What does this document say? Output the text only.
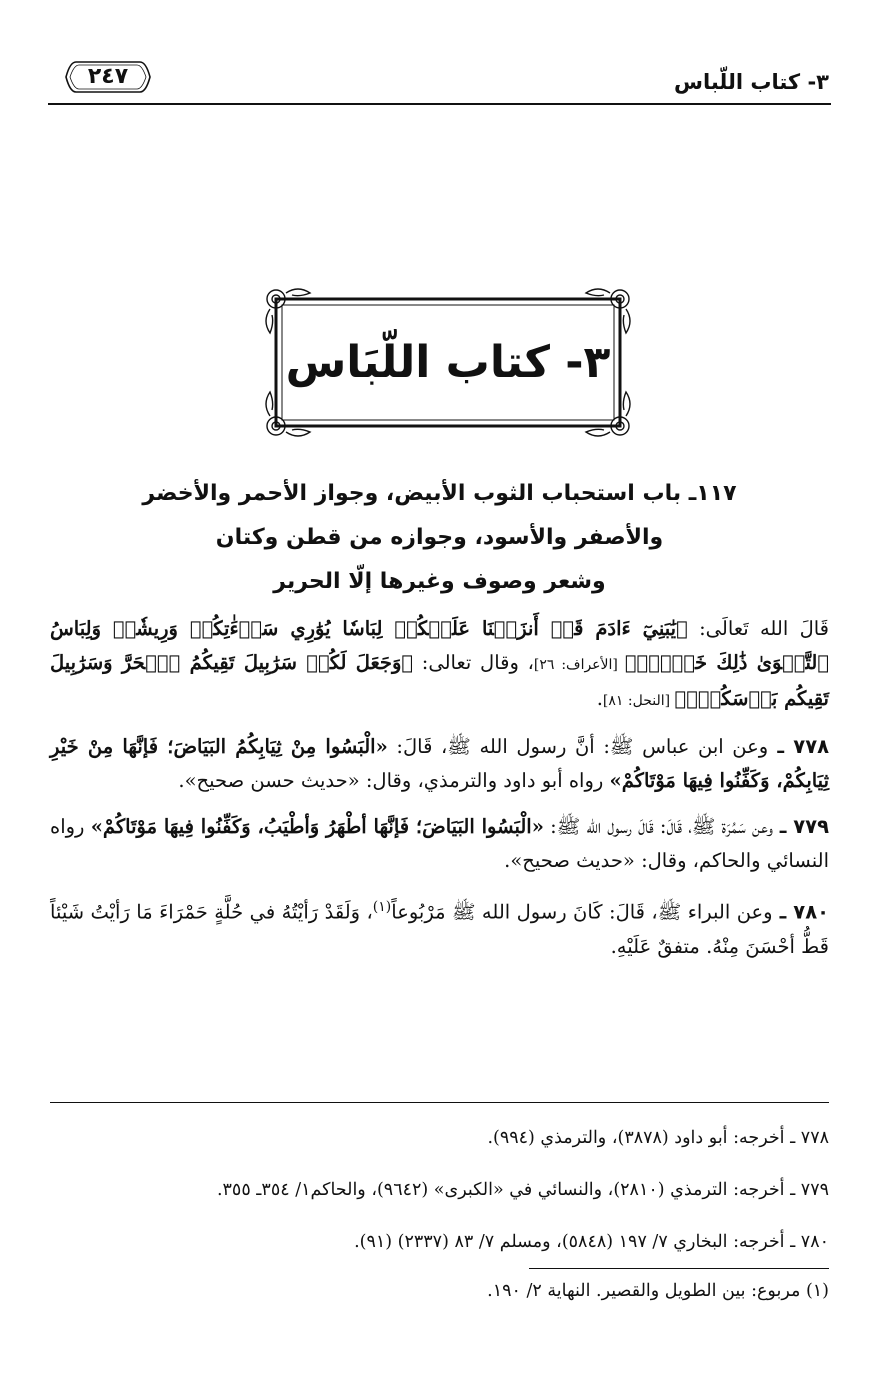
٣- كتاب اللّباس
٢٤٧
٣- كتاب اللّبَاس
١١٧ـ باب استحباب الثوب الأبيض، وجواز الأحمر والأخضر
والأصفر والأسود، وجوازه من قطن وكتان
وشعر وصوف وغيرها إلّا الحرير

قَالَ الله تَعالَى: ﴿يَٰبَنِيٓ ءَادَمَ قَدۡ أَنزَلۡنَا عَلَيۡكُمۡ لِبَاسٗا يُوَٰرِي سَوۡءَٰتِكُمۡ وَرِيشٗاۖ وَلِبَاسُ ٱلتَّقۡوَىٰ ذَٰلِكَ خَيۡرٞۚ﴾ [الأعراف: ٢٦]، وقال تعالى: ﴿وَجَعَلَ لَكُمۡ سَرَٰبِيلَ تَقِيكُمُ ٱلۡحَرَّ وَسَرَٰبِيلَ تَقِيكُم بَأۡسَكُمۡۚ﴾ [النحل: ٨١].

٧٧٨ ـ وعن ابن عباس ﷺ: أنَّ رسول الله ﷺ، قَالَ: «الْبَسُوا مِنْ ثِيَابِكُمُ البَيَاضَ؛ فَإنَّهَا مِنْ خَيْرِ ثِيَابِكُمْ، وَكَفِّنُوا فِيهَا مَوْتَاكُمْ» رواه أبو داود والترمذي، وقال: «حديث حسن صحيح».

٧٧٩ ـ وعن سَمُرَة ﷺ، قَالَ: قَالَ رسول الله ﷺ: «الْبَسُوا البَيَاضَ؛ فَإنَّهَا أطْهَرُ وَأطْيَبُ، وَكَفِّنُوا فِيهَا مَوْتَاكُمْ» رواه النسائي والحاكم، وقال: «حديث صحيح».

٧٨٠ ـ وعن البراء ﷺ، قَالَ: كَانَ رسول الله ﷺ مَرْبُوعاً$^{(١)}$، وَلَقَدْ رَأيْتُهُ في حُلَّةٍ حَمْرَاءَ مَا رَأيْتُ شَيْئاً قَطُّ أحْسَنَ مِنْهُ. متفقٌ عَلَيْهِ.

٧٧٨ ـ أخرجه: أبو داود (٣٨٧٨)، والترمذي (٩٩٤).
٧٧٩ ـ أخرجه: الترمذي (٢٨١٠)، والنسائي في «الكبرى» (٩٦٤٢)، والحاكم١/ ٣٥٤ـ ٣٥٥.
٧٨٠ ـ أخرجه: البخاري ٧/ ١٩٧ (٥٨٤٨)، ومسلم ٧/ ٨٣ (٢٣٣٧) (٩١).
(١) مربوع: بين الطويل والقصير. النهاية ٢/ ١٩٠.
